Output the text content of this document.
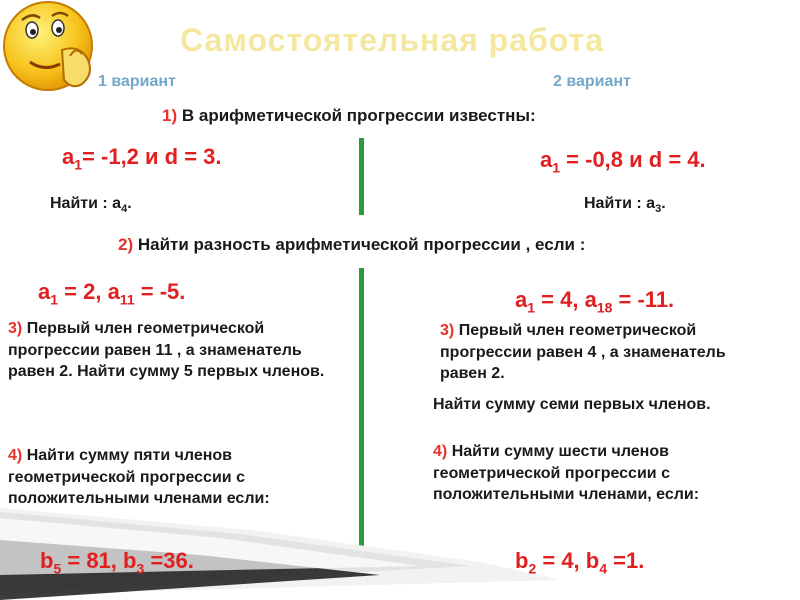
Самостоятельная работа
1 вариант	2 вариант
1) В арифметической прогрессии известны:
$a_1= -1,2$ и d = 3.	$a_1 = -0,8$ и d = 4.
Найти : $a_4$.	Найти : $a_3$.
2) Найти разность арифметической прогрессии , если :
$a_1 = 2$, $a_{11} = -5$.	$a_1 = 4$, $a_{18} = -11$.
3) Первый член геометрической прогрессии равен 11 , а знаменатель равен 2. Найти сумму 5 первых членов.
4) Найти сумму пяти членов геометрической прогрессии с положительными членами если:
3) Первый член геометрической прогрессии равен 4 , а знаменатель равен 2.
Найти сумму семи первых членов.
4) Найти сумму шести членов геометрической прогрессии с положительными членами, если:
$b_5 = 81$, $b_3 =36$.	$b_2 = 4$, $b_4 =1$.
